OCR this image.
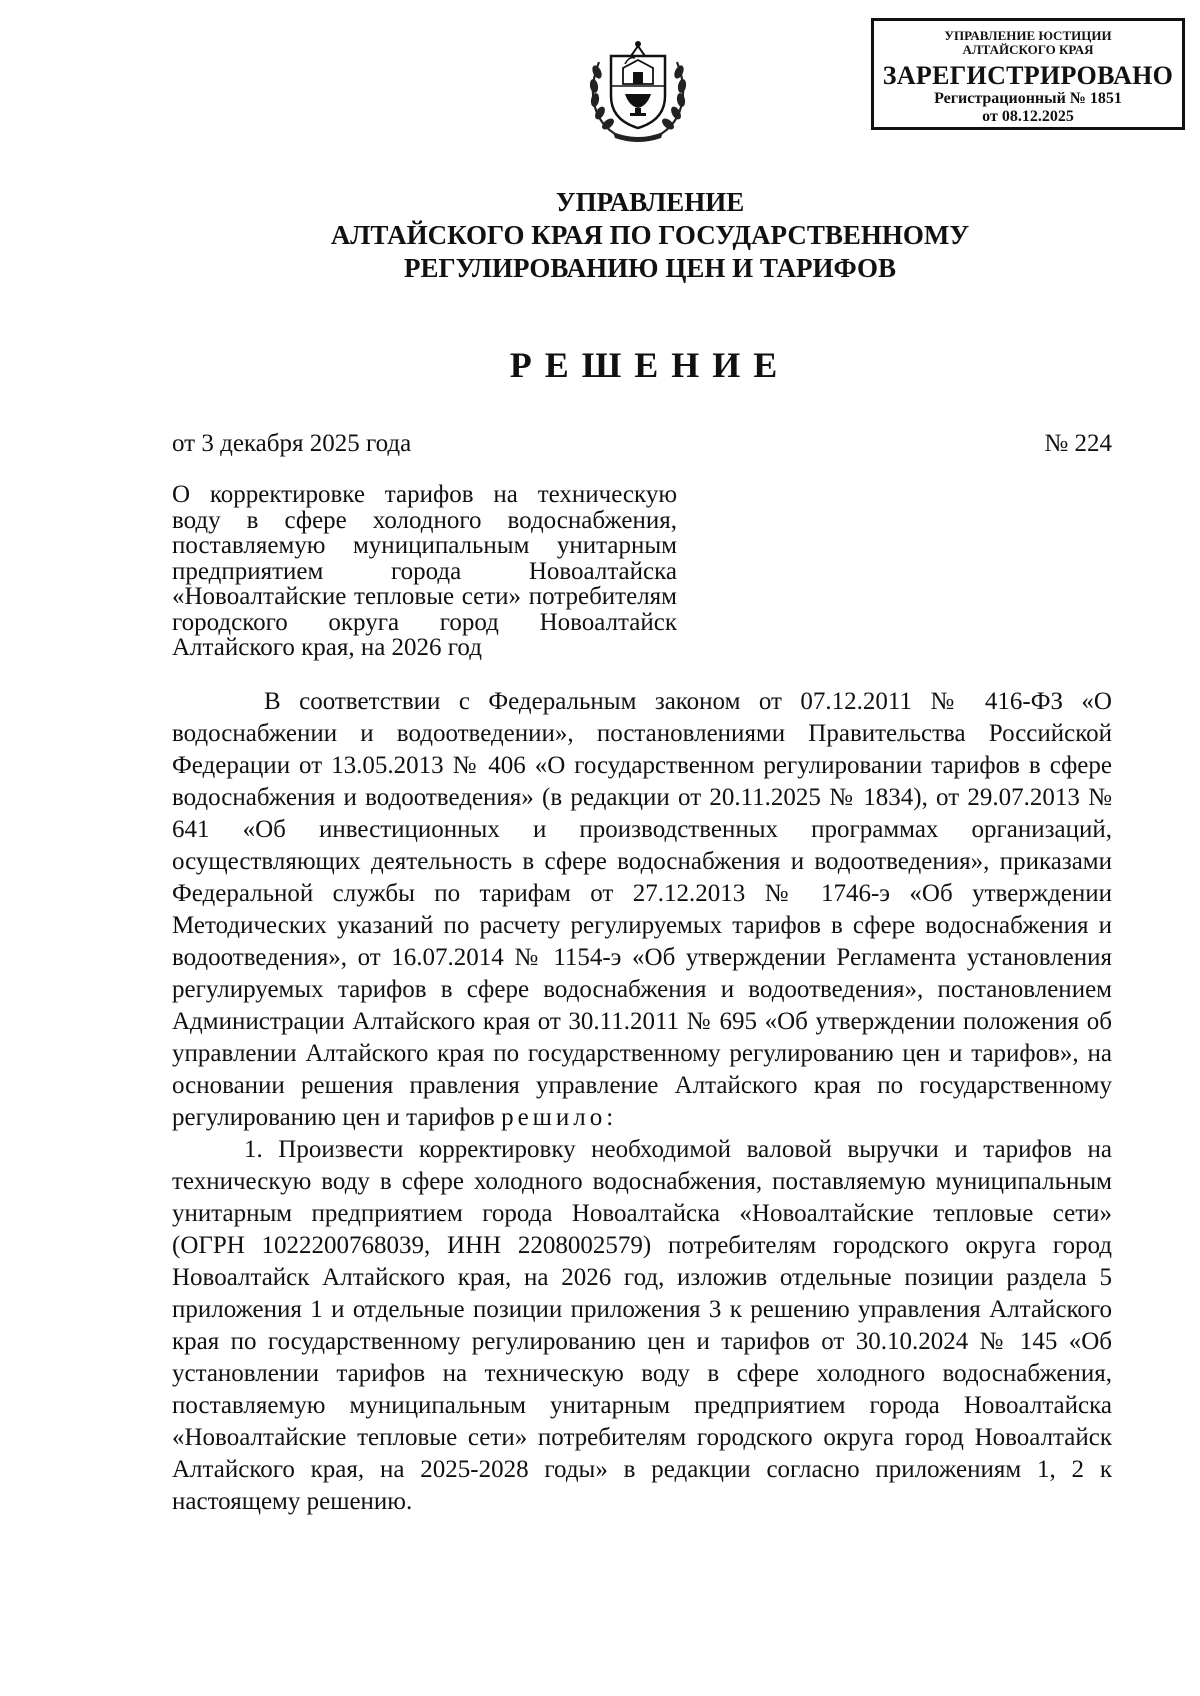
УПРАВЛЕНИЕ ЮСТИЦИИ
АЛТАЙСКОГО КРАЯ
ЗАРЕГИСТРИРОВАНО
Регистрационный № 1851
от 08.12.2025
УПРАВЛЕНИЕ
АЛТАЙСКОГО КРАЯ ПО ГОСУДАРСТВЕННОМУ
РЕГУЛИРОВАНИЮ ЦЕН И ТАРИФОВ
РЕШЕНИЕ
от 3 декабря 2025 года	№ 224
О корректировке тарифов на техническую воду в сфере холодного водоснабжения, поставляемую муниципальным унитарным предприятием города Новоалтайска «Новоалтайские тепловые сети» потребителям городского округа город Новоалтайск Алтайского края, на 2026 год

В соответствии с Федеральным законом от 07.12.2011 № 416-ФЗ «О водоснабжении и водоотведении», постановлениями Правительства Российской Федерации от 13.05.2013 № 406 «О государственном регулировании тарифов в сфере водоснабжения и водоотведения» (в редакции от 20.11.2025 № 1834), от 29.07.2013 № 641 «Об инвестиционных и производственных программах организаций, осуществляющих деятельность в сфере водоснабжения и водоотведения», приказами Федеральной службы по тарифам от 27.12.2013 № 1746-э «Об утверждении Методических указаний по расчету регулируемых тарифов в сфере водоснабжения и водоотведения», от 16.07.2014 № 1154-э «Об утверждении Регламента установления регулируемых тарифов в сфере водоснабжения и водоотведения», постановлением Администрации Алтайского края от 30.11.2011 № 695 «Об утверждении положения об управлении Алтайского края по государственному регулированию цен и тарифов», на основании решения правления управление Алтайского края по государственному регулированию цен и тарифов решило:

1. Произвести корректировку необходимой валовой выручки и тарифов на техническую воду в сфере холодного водоснабжения, поставляемую муниципальным унитарным предприятием города Новоалтайска «Новоалтайские тепловые сети» (ОГРН 1022200768039, ИНН 2208002579) потребителям городского округа город Новоалтайск Алтайского края, на 2026 год, изложив отдельные позиции раздела 5 приложения 1 и отдельные позиции приложения 3 к решению управления Алтайского края по государственному регулированию цен и тарифов от 30.10.2024 № 145 «Об установлении тарифов на техническую воду в сфере холодного водоснабжения, поставляемую муниципальным унитарным предприятием города Новоалтайска «Новоалтайские тепловые сети» потребителям городского округа город Новоалтайск Алтайского края, на 2025-2028 годы» в редакции согласно приложениям 1, 2 к настоящему решению.
